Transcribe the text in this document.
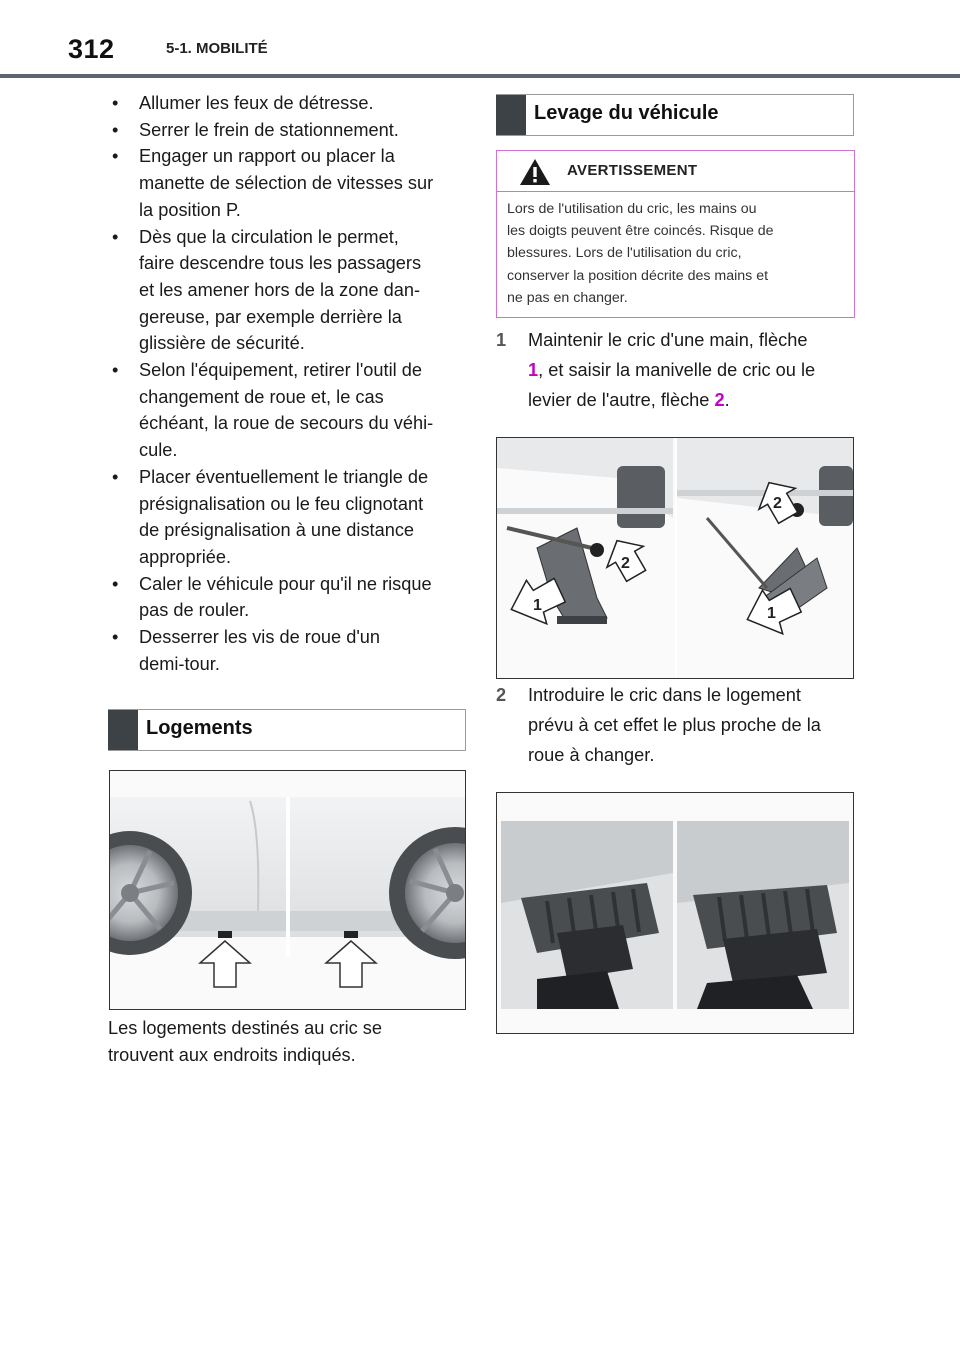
312	5-1. MOBILITÉ
• Allumer les feux de détresse.
• Serrer le frein de stationnement.
• Engager un rapport ou placer la
manette de sélection de vitesses sur
la position P.
• Dès que la circulation le permet,
faire descendre tous les passagers
et les amener hors de la zone dan-
gereuse, par exemple derrière la
glissière de sécurité.
• Selon l'équipement, retirer l'outil de
changement de roue et, le cas
échéant, la roue de secours du véhi-
cule.
• Placer éventuellement le triangle de
présignalisation ou le feu clignotant
de présignalisation à une distance
appropriée.
• Caler le véhicule pour qu'il ne risque
pas de rouler.
• Desserrer les vis de roue d'un
demi-tour.
Logements
Les logements destinés au cric se
trouvent aux endroits indiqués.
Levage du véhicule
AVERTISSEMENT
Lors de l'utilisation du cric, les mains ou
les doigts peuvent être coincés. Risque de
blessures. Lors de l'utilisation du cric,
conserver la position décrite des mains et
ne pas en changer.
1 Maintenir le cric d'une main, flèche
1, et saisir la manivelle de cric ou le
levier de l'autre, flèche 2.
1	1
2
2
2 Introduire le cric dans le logement
prévu à cet effet le plus proche de la
roue à changer.
